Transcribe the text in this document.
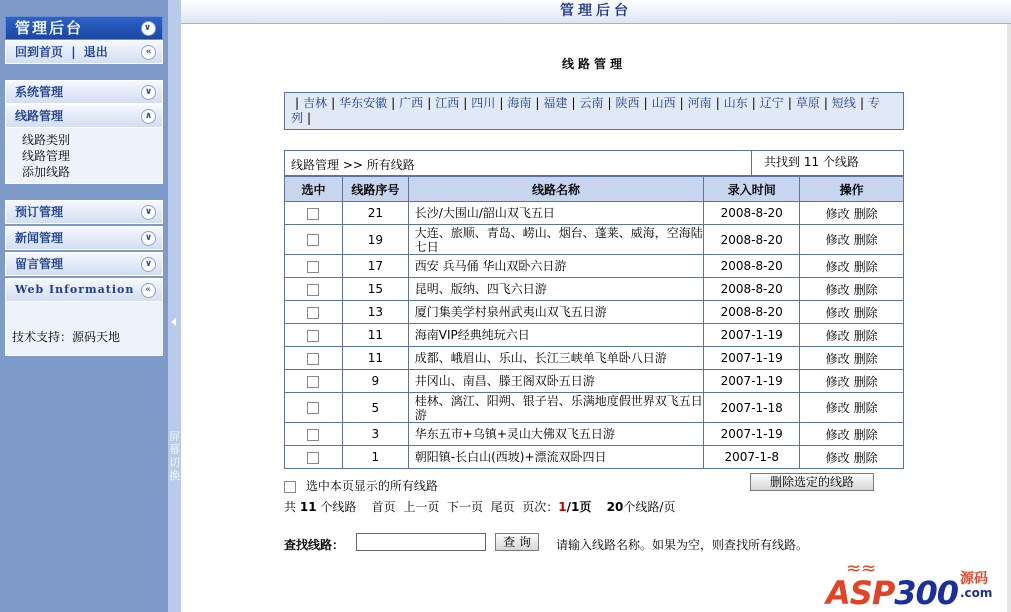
管理后台	∨
回到首页 | 退出	«
系统管理	∨
线路管理	∧
线路类别
线路管理
添加线路
预订管理	∨
新闻管理	∨
留言管理	∨
Web Information	«
技术支持：源码天地
屏
幕
切
换
管理后台
线路管理
| 吉林 | 华东安徽 | 广西 | 江西 | 四川 | 海南 | 福建 | 云南 | 陕西 | 山西 | 河南 | 山东 | 辽宁 | 草原 | 短线 | 专列 |
线路管理 >> 所有线路	共找到 11 个线路
选中	线路序号	线路名称	录入时间	操作
	21	长沙/大围山/韶山双飞五日	2008-8-20	修改 删除
	19	大连、旅顺、青岛、崂山、烟台、蓬莱、威海，空海陆七日	2008-8-20	修改 删除
	17	西安 兵马俑 华山双卧六日游	2008-8-20	修改 删除
	15	昆明、版纳、四飞六日游	2008-8-20	修改 删除
	13	厦门集美学村泉州武夷山双飞五日游	2008-8-20	修改 删除
	11	海南VIP经典纯玩六日	2007-1-19	修改 删除
	11	成都、峨眉山、乐山、长江三峡单飞单卧八日游	2007-1-19	修改 删除
	9	井冈山、南昌、滕王阁双卧五日游	2007-1-19	修改 删除
	5	桂林、漓江、阳朔、银子岩、乐满地度假世界双飞五日游	2007-1-18	修改 删除
	3	华东五市+乌镇+灵山大佛双飞五日游	2007-1-19	修改 删除
	1	朝阳镇-长白山(西坡)+漂流双卧四日	2007-1-8	修改 删除
选中本页显示的所有线路	删除选定的线路
共 11 个线路 首页 上一页 下一页 尾页 页次：1/1页 20个线路/页
查找线路：	查 询	请输入线路名称。如果为空，则查找所有线路。
≈≈
ASP300 源码
.com
